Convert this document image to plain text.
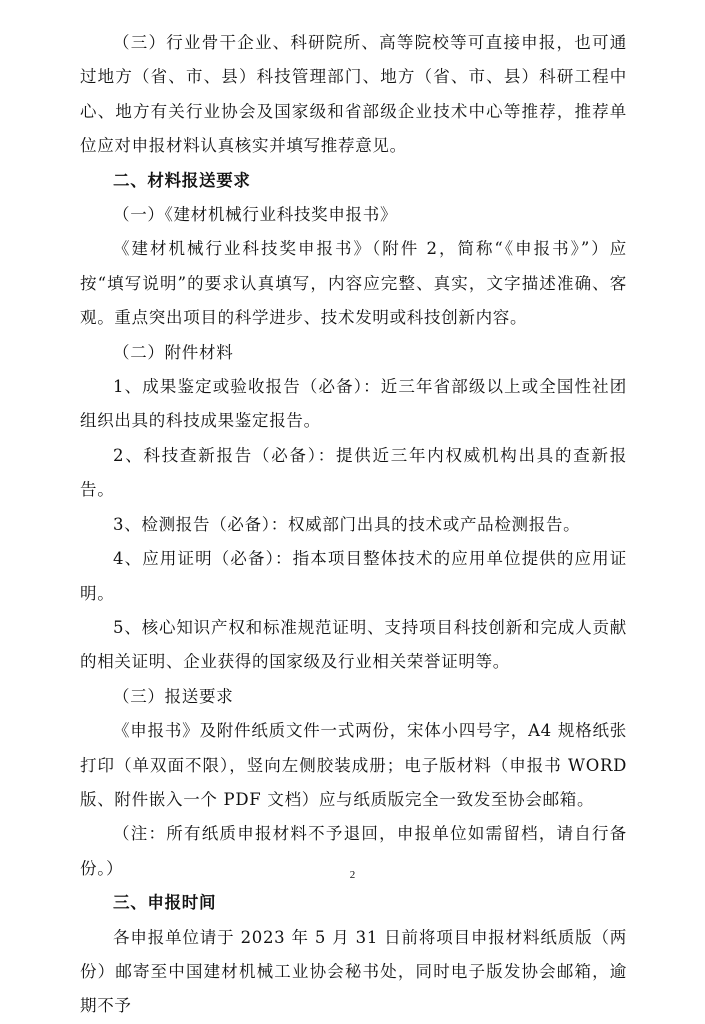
（三）行业骨干企业、科研院所、高等院校等可直接申报，也可通过地方（省、市、县）科技管理部门、地方（省、市、县）科研工程中心、地方有关行业协会及国家级和省部级企业技术中心等推荐，推荐单位应对申报材料认真核实并填写推荐意见。

二、材料报送要求

（一）《建材机械行业科技奖申报书》

《建材机械行业科技奖申报书》（附件 2，简称“《申报书》”）应按“填写说明”的要求认真填写，内容应完整、真实，文字描述准确、客观。重点突出项目的科学进步、技术发明或科技创新内容。

（二）附件材料

1、成果鉴定或验收报告（必备）：近三年省部级以上或全国性社团组织出具的科技成果鉴定报告。

2、科技查新报告（必备）：提供近三年内权威机构出具的查新报告。

3、检测报告（必备）：权威部门出具的技术或产品检测报告。

4、应用证明（必备）：指本项目整体技术的应用单位提供的应用证明。

5、核心知识产权和标准规范证明、支持项目科技创新和完成人贡献的相关证明、企业获得的国家级及行业相关荣誉证明等。

（三）报送要求

《申报书》及附件纸质文件一式两份，宋体小四号字，A4 规格纸张打印（单双面不限），竖向左侧胶装成册；电子版材料（申报书 WORD 版、附件嵌入一个 PDF 文档）应与纸质版完全一致发至协会邮箱。

（注：所有纸质申报材料不予退回，申报单位如需留档，请自行备份。）

三、申报时间

各申报单位请于 2023 年 5 月 31 日前将项目申报材料纸质版（两份）邮寄至中国建材机械工业协会秘书处，同时电子版发协会邮箱，逾期不予

2
